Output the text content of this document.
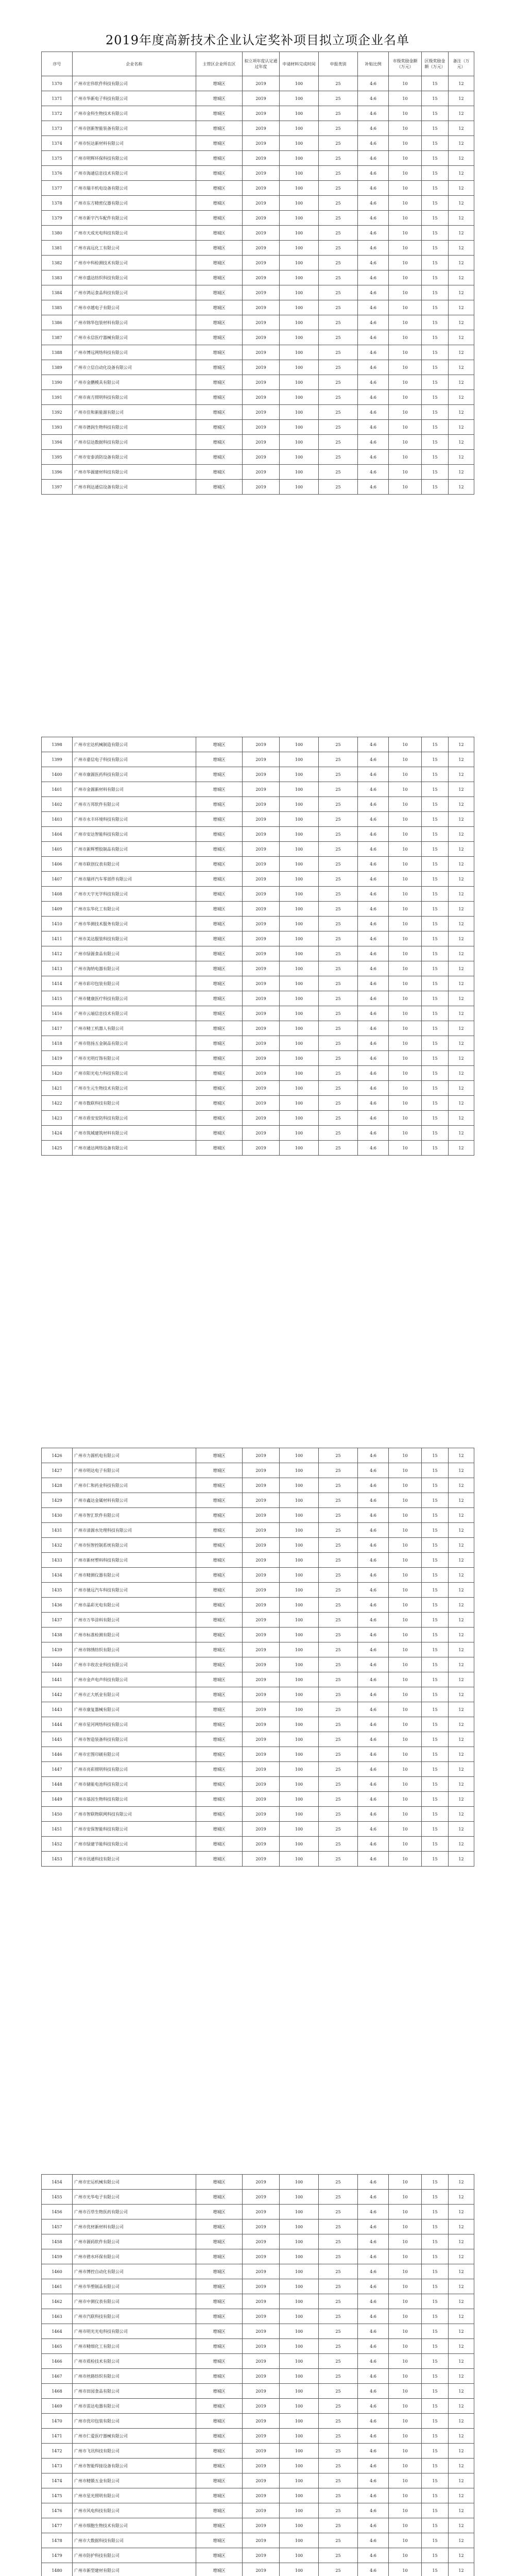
2019年度高新技术企业认定奖补项目拟立项企业名单
序号	企业名称	主管区企业所在区	拟立项年度认定通过年度	申请材料完成时间	申报类别	补贴比例	市级奖励金额（万元）	区级奖励金额（万元）	备注（万元）
1370	广州市宏伟软件科技有限公司	增城区	2019	100	25	4:6	10	15	12
1371	广州市华新电子科技有限公司	增城区	2019	100	25	4:6	10	15	12
1372	广州市金科生物技术有限公司	增城区	2019	100	25	4:6	10	15	12
1373	广州市创新智能装备有限公司	增城区	2019	100	25	4:6	10	15	12
1374	广州市恒达新材料有限公司	增城区	2019	100	25	4:6	10	15	12
1375	广州市明辉环保科技有限公司	增城区	2019	100	25	4:6	10	15	12
1376	广州市海通信息技术有限公司	增城区	2019	100	25	4:6	10	15	12
1377	广州市瑞丰机电设备有限公司	增城区	2019	100	25	4:6	10	15	12
1378	广州市东方精密仪器有限公司	增城区	2019	100	25	4:6	10	15	12
1379	广州市新宇汽车配件有限公司	增城区	2019	100	25	4:6	10	15	12
1380	广州市天成光电科技有限公司	增城区	2019	100	25	4:6	10	15	12
1381	广州市高远化工有限公司	增城区	2019	100	25	4:6	10	15	12
1382	广州市中科检测技术有限公司	增城区	2019	100	25	4:6	10	15	12
1383	广州市盛达纺织科技有限公司	增城区	2019	100	25	4:6	10	15	12
1384	广州市鸿运食品科技有限公司	增城区	2019	100	25	4:6	10	15	12
1385	广州市卓越电子有限公司	增城区	2019	100	25	4:6	10	15	12
1386	广州市锦华包装材料有限公司	增城区	2019	100	25	4:6	10	15	12
1387	广州市永信医疗器械有限公司	增城区	2019	100	25	4:6	10	15	12
1388	广州市博远网络科技有限公司	增城区	2019	100	25	4:6	10	15	12
1389	广州市立信自动化设备有限公司	增城区	2019	100	25	4:6	10	15	12
1390	广州市金鹏模具有限公司	增城区	2019	100	25	4:6	10	15	12
1391	广州市南方照明科技有限公司	增城区	2019	100	25	4:6	10	15	12
1392	广州市佳和新能源有限公司	增城区	2019	100	25	4:6	10	15	12
1393	广州市德润生物科技有限公司	增城区	2019	100	25	4:6	10	15	12
1394	广州市信达数据科技有限公司	增城区	2019	100	25	4:6	10	15	12
1395	广州市安泰消防设备有限公司	增城区	2019	100	25	4:6	10	15	12
1396	广州市华源建材科技有限公司	增城区	2019	100	25	4:6	10	15	12
1397	广州市利达通信设备有限公司	增城区	2019	100	25	4:6	10	15	12
1398	广州市宏达机械制造有限公司	增城区	2019	100	25	4:6	10	15	12
1399	广州市嘉信电子科技有限公司	增城区	2019	100	25	4:6	10	15	12
1400	广州市康源医药科技有限公司	增城区	2019	100	25	4:6	10	15	12
1401	广州市金源新材料有限公司	增城区	2019	100	25	4:6	10	15	12
1402	广州市万邦软件有限公司	增城区	2019	100	25	4:6	10	15	12
1403	广州市永丰环境科技有限公司	增城区	2019	100	25	4:6	10	15	12
1404	广州市安达智能科技有限公司	增城区	2019	100	25	4:6	10	15	12
1405	广州市新辉塑胶制品有限公司	增城区	2019	100	25	4:6	10	15	12
1406	广州市联创仪表有限公司	增城区	2019	100	25	4:6	10	15	12
1407	广州市瑞祥汽车零部件有限公司	增城区	2019	100	25	4:6	10	15	12
1408	广州市天宇光学科技有限公司	增城区	2019	100	25	4:6	10	15	12
1409	广州市东华化工有限公司	增城区	2019	100	25	4:6	10	15	12
1410	广州市华测技术服务有限公司	增城区	2019	100	25	4:6	10	15	12
1411	广州市美达服装科技有限公司	增城区	2019	100	25	4:6	10	15	12
1412	广州市绿源食品有限公司	增城区	2019	100	25	4:6	10	15	12
1413	广州市海纳电器有限公司	增城区	2019	100	25	4:6	10	15	12
1414	广州市彩印包装有限公司	增城区	2019	100	25	4:6	10	15	12
1415	广州市健康医疗科技有限公司	增城区	2019	100	25	4:6	10	15	12
1416	广州市云端信息技术有限公司	增城区	2019	100	25	4:6	10	15	12
1417	广州市精工机器人有限公司	增城区	2019	100	25	4:6	10	15	12
1418	广州市铭扬五金制品有限公司	增城区	2019	100	25	4:6	10	15	12
1419	广州市光明灯饰有限公司	增城区	2019	100	25	4:6	10	15	12
1420	广州市阳光电力科技有限公司	增城区	2019	100	25	4:6	10	15	12
1421	广州市生元生物技术有限公司	增城区	2019	100	25	4:6	10	15	12
1422	广州市数联科技有限公司	增城区	2019	100	25	4:6	10	15	12
1423	广州市盾安安防科技有限公司	增城区	2019	100	25	4:6	10	15	12
1424	广州市筑城建筑材料有限公司	增城区	2019	100	25	4:6	10	15	12
1425	广州市通达网络设备有限公司	增城区	2019	100	25	4:6	10	15	12
1426	广州市力源机电有限公司	增城区	2019	100	25	4:6	10	15	12
1427	广州市明达电子有限公司	增城区	2019	100	25	4:6	10	15	12
1428	广州市仁和药业科技有限公司	增城区	2019	100	25	4:6	10	15	12
1429	广州市鑫达金属材料有限公司	增城区	2019	100	25	4:6	10	15	12
1430	广州市智汇软件有限公司	增城区	2019	100	25	4:6	10	15	12
1431	广州市清源水处理科技有限公司	增城区	2019	100	25	4:6	10	15	12
1432	广州市恒智控制系统有限公司	增城区	2019	100	25	4:6	10	15	12
1433	广州市新材塑料科技有限公司	增城区	2019	100	25	4:6	10	15	12
1434	广州市精测仪器有限公司	增城区	2019	100	25	4:6	10	15	12
1435	广州市驰远汽车科技有限公司	增城区	2019	100	25	4:6	10	15	12
1436	广州市晶彩光电有限公司	增城区	2019	100	25	4:6	10	15	12
1437	广州市万华涂料有限公司	增城区	2019	100	25	4:6	10	15	12
1438	广州市标准检测有限公司	增城区	2019	100	25	4:6	10	15	12
1439	广州市锦绣纺织有限公司	增城区	2019	100	25	4:6	10	15	12
1440	广州市丰收农业科技有限公司	增城区	2019	100	25	4:6	10	15	12
1441	广州市金声电声科技有限公司	增城区	2019	100	25	4:6	10	15	12
1442	广州市正大纸业有限公司	增城区	2019	100	25	4:6	10	15	12
1443	广州市康复器械有限公司	增城区	2019	100	25	4:6	10	15	12
1444	广州市星河网络科技有限公司	增城区	2019	100	25	4:6	10	15	12
1445	广州市智造装备科技有限公司	增城区	2019	100	25	4:6	10	15	12
1446	广州市宏图印刷有限公司	增城区	2019	100	25	4:6	10	15	12
1447	广州市亮彩照明科技有限公司	增城区	2019	100	25	4:6	10	15	12
1448	广州市储能电池科技有限公司	增城区	2019	100	25	4:6	10	15	12
1449	广州市基因生物科技有限公司	增城区	2019	100	25	4:6	10	15	12
1450	广州市智联物联网科技有限公司	增城区	2019	100	25	4:6	10	15	12
1451	广州市安保智能科技有限公司	增城区	2019	100	25	4:6	10	15	12
1452	广州市绿建节能科技有限公司	增城区	2019	100	25	4:6	10	15	12
1453	广州市讯通科技有限公司	增城区	2019	100	25	4:6	10	15	12
1454	广州市宏运机械有限公司	增城区	2019	100	25	4:6	10	15	12
1455	广州市光华电子有限公司	增城区	2019	100	25	4:6	10	15	12
1456	广州市百草生物医药有限公司	增城区	2019	100	25	4:6	10	15	12
1457	广州市优材新材料有限公司	增城区	2019	100	25	4:6	10	15	12
1458	广州市源码软件有限公司	增城区	2019	100	25	4:6	10	15	12
1459	广州市碧水环保有限公司	增城区	2019	100	25	4:6	10	15	12
1460	广州市博控自动化有限公司	增城区	2019	100	25	4:6	10	15	12
1461	广州市华塑制品有限公司	增城区	2019	100	25	4:6	10	15	12
1462	广州市中测仪表有限公司	增城区	2019	100	25	4:6	10	15	12
1463	广州市汽联科技有限公司	增城区	2019	100	25	4:6	10	15	12
1464	广州市明光光电科技有限公司	增城区	2019	100	25	4:6	10	15	12
1465	广州市精细化工有限公司	增城区	2019	100	25	4:6	10	15	12
1466	广州市质检技术有限公司	增城区	2019	100	25	4:6	10	15	12
1467	广州市丝路纺织有限公司	增城区	2019	100	25	4:6	10	15	12
1468	广州市田园食品有限公司	增城区	2019	100	25	4:6	10	15	12
1469	广州市雷达电器有限公司	增城区	2019	100	25	4:6	10	15	12
1470	广州市优印包装有限公司	增城区	2019	100	25	4:6	10	15	12
1471	广州市仁爱医疗器械有限公司	增城区	2019	100	25	4:6	10	15	12
1472	广州市飞讯科技有限公司	增城区	2019	100	25	4:6	10	15	12
1473	广州市智能焊接设备有限公司	增城区	2019	100	25	4:6	10	15	12
1474	广州市精锻五金有限公司	增城区	2019	100	25	4:6	10	15	12
1475	广州市星光照明有限公司	增城区	2019	100	25	4:6	10	15	12
1476	广州市风电科技有限公司	增城区	2019	100	25	4:6	10	15	12
1477	广州市细胞生物技术有限公司	增城区	2019	100	25	4:6	10	15	12
1478	广州市大数据科技有限公司	增城区	2019	100	25	4:6	10	15	12
1479	广州市防护科技有限公司	增城区	2019	100	25	4:6	10	15	12
1480	广州市新型建材有限公司	增城区	2019	100	25	4:6	10	15	12
